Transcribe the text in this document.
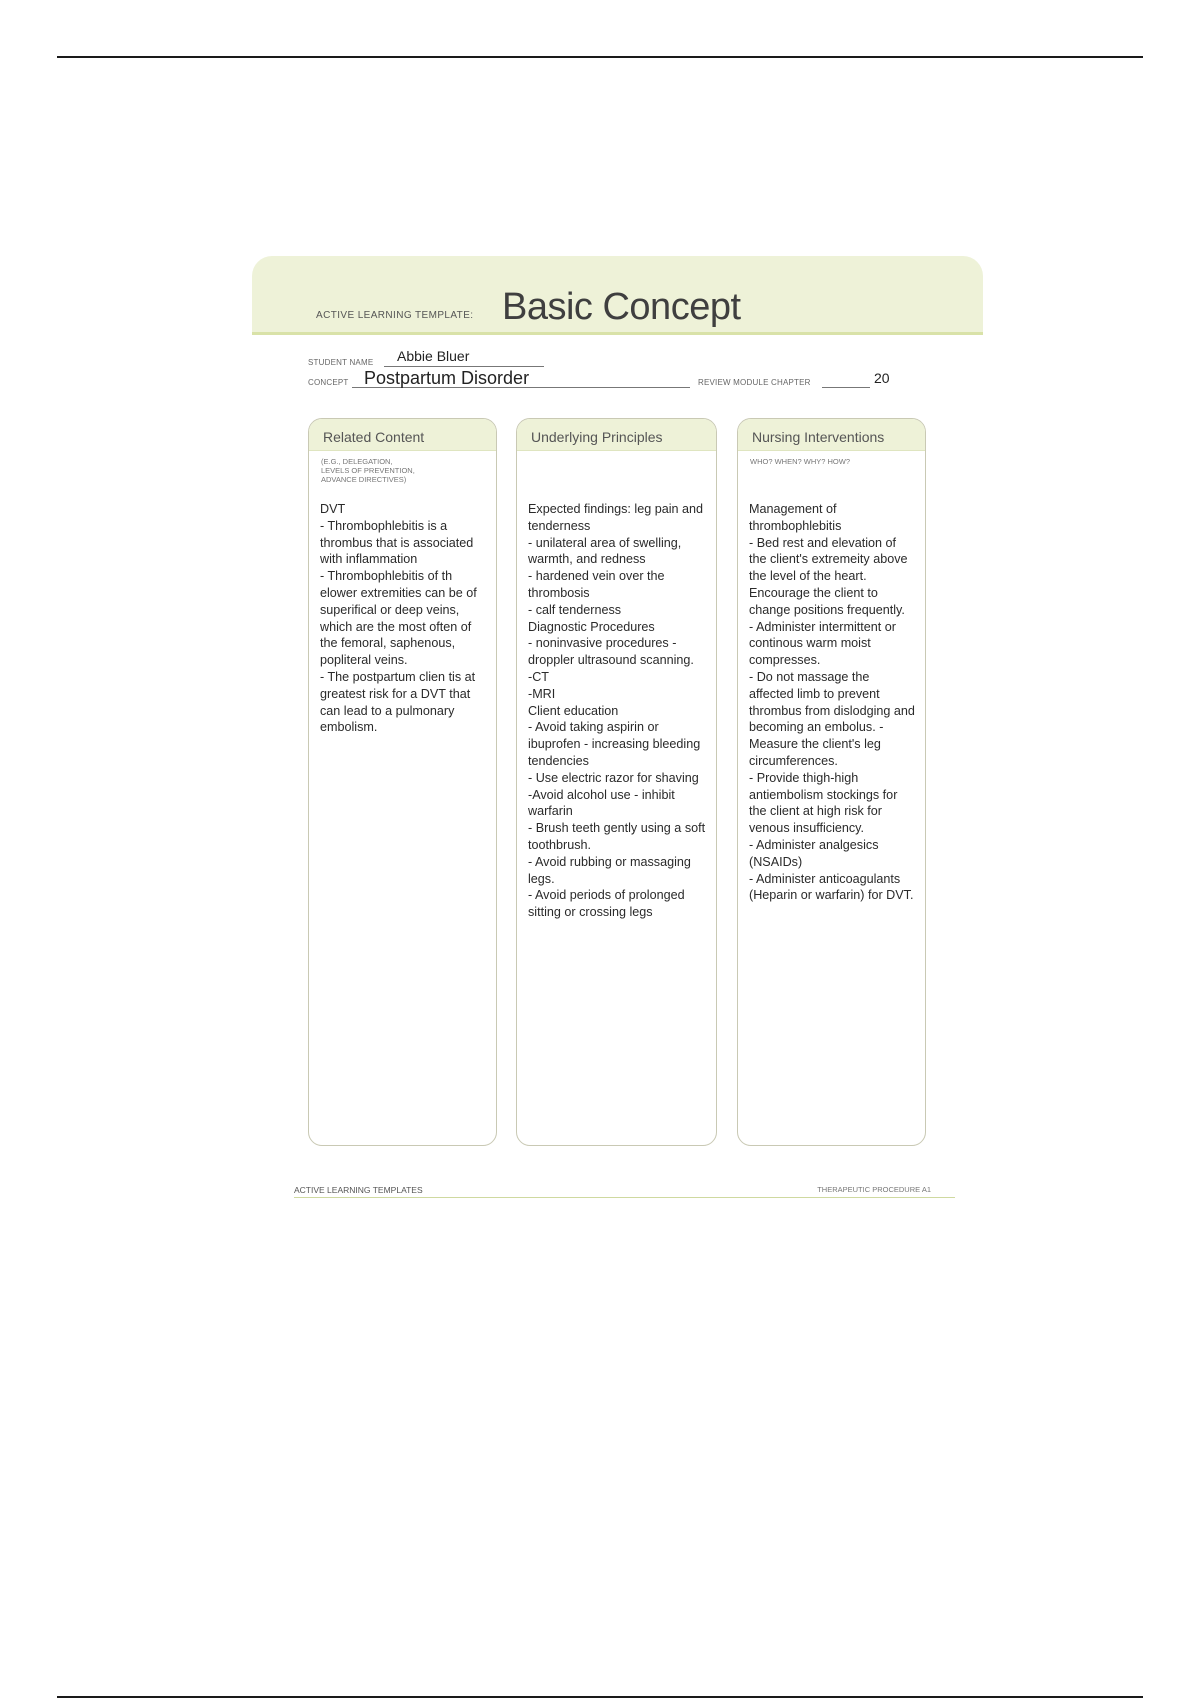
ACTIVE LEARNING TEMPLATE: Basic Concept
STUDENT NAME Abbie Bluer
CONCEPT Postpartum Disorder	REVIEW MODULE CHAPTER	20
Related Content
(E.G., DELEGATION,
LEVELS OF PREVENTION,
ADVANCE DIRECTIVES)
DVT
- Thrombophlebitis is a thrombus that is associated with inflammation
- Thrombophlebitis of th elower extremities can be of superifical or deep veins, which are the most often of the femoral, saphenous, popliteral veins.
- The postpartum clien tis at greatest risk for a DVT that can lead to a pulmonary embolism.
Underlying Principles
Expected findings: leg pain and tenderness
- unilateral area of swelling, warmth, and redness
- hardened vein over the thrombosis
- calf tenderness
Diagnostic Procedures
- noninvasive procedures - droppler ultrasound scanning.
-CT
-MRI
Client education
- Avoid taking aspirin or ibuprofen - increasing bleeding tendencies
- Use electric razor for shaving
-Avoid alcohol use - inhibit warfarin
- Brush teeth gently using a soft toothbrush.
- Avoid rubbing or massaging legs.
- Avoid periods of prolonged sitting or crossing legs
Nursing Interventions
WHO? WHEN? WHY? HOW?
Management of thrombophlebitis
- Bed rest and elevation of the client's extremeity above the level of the heart. Encourage the client to change positions frequently.
- Administer intermittent or continous warm moist compresses.
- Do not massage the affected limb to prevent thrombus from dislodging and becoming an embolus. - Measure the client's leg circumferences.
- Provide thigh-high antiembolism stockings for the client at high risk for venous insufficiency.
- Administer analgesics (NSAIDs)
- Administer anticoagulants (Heparin or warfarin) for DVT.
ACTIVE LEARNING TEMPLATES	THERAPEUTIC PROCEDURE A1
